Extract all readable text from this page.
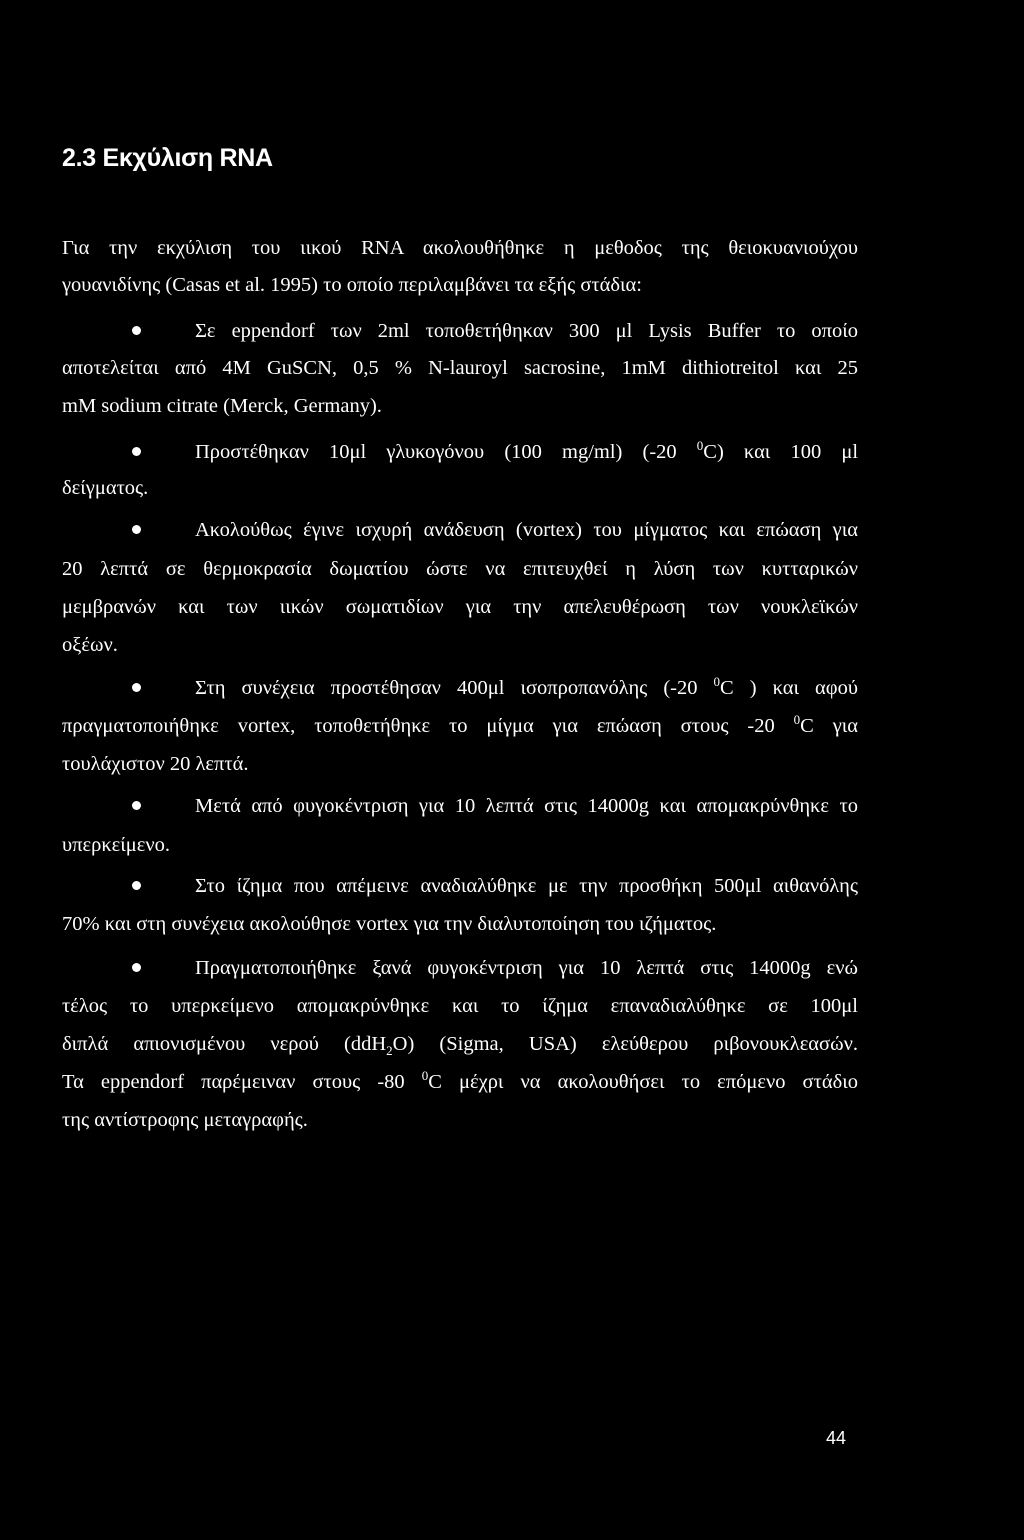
2.3 Εκχύλιση RNA
Για την εκχύλιση του ιικού RNA ακολουθήθηκε η μεθοδος της θειοκυανιούχου
γουανιδίνης (Casas et al. 1995) το οποίο περιλαμβάνει τα εξής στάδια:
Σε eppendorf των 2ml τοποθετήθηκαν 300 μl Lysis Buffer το οποίο
αποτελείται από 4M GuSCN, 0,5 % N-lauroyl sacrosine, 1mM dithiotreitol και 25
mM sodium citrate (Merck, Germany).
Προστέθηκαν 10μl γλυκογόνου (100 mg/ml) (-20 $^0$C) και 100 μl
δείγματος.
Ακολούθως έγινε ισχυρή ανάδευση (vortex) του μίγματος και επώαση για
20 λεπτά σε θερμοκρασία δωματίου ώστε να επιτευχθεί η λύση των κυτταρικών
μεμβρανών και των ιικών σωματιδίων για την απελευθέρωση των νουκλεϊκών
οξέων.
Στη συνέχεια προστέθησαν 400μl ισοπροπανόλης (-20 $^0$C ) και αφού
πραγματοποιήθηκε vortex, τοποθετήθηκε το μίγμα για επώαση στους -20 $^0$C για
τουλάχιστον 20 λεπτά.
Μετά από φυγοκέντριση για 10 λεπτά στις 14000g και απομακρύνθηκε το
υπερκείμενο.
Στο ίζημα που απέμεινε αναδιαλύθηκε με την προσθήκη 500μl αιθανόλης
70% και στη συνέχεια ακολούθησε vortex για την διαλυτοποίηση του ιζήματος.
Πραγματοποιήθηκε ξανά φυγοκέντριση για 10 λεπτά στις 14000g ενώ
τέλος το υπερκείμενο απομακρύνθηκε και το ίζημα επαναδιαλύθηκε σε 100μl
διπλά απιονισμένου νερού (ddH$_2$O) (Sigma, USA) ελεύθερου ριβονουκλεασών.
Τα eppendorf παρέμειναν στους -80 $^0$C μέχρι να ακολουθήσει το επόμενο στάδιο
της αντίστροφης μεταγραφής.
44
